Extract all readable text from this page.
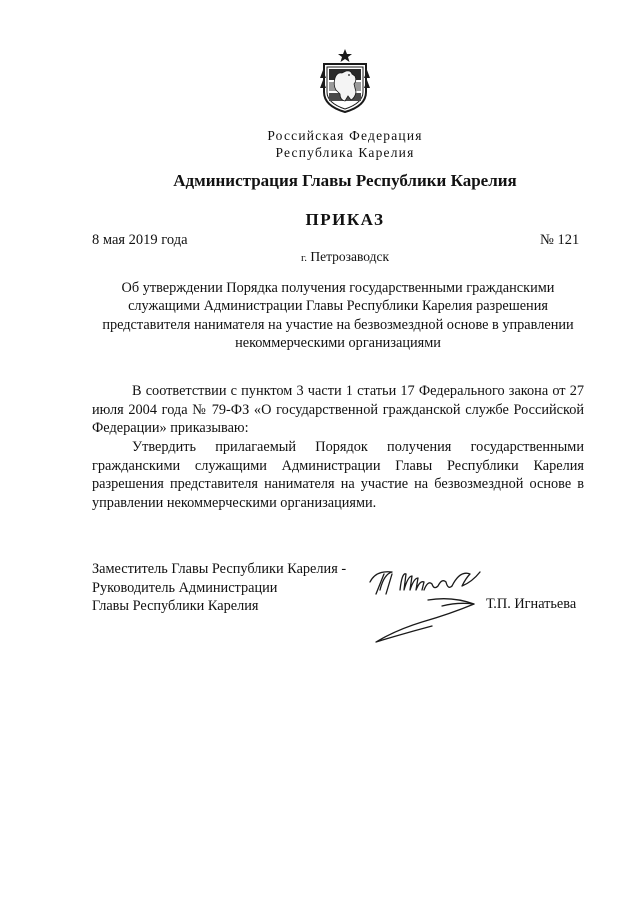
Российская Федерация
Республика Карелия
Администрация Главы Республики Карелия
ПРИКАЗ
8 мая 2019 года	№ 121
г. Петрозаводск
Об утверждении Порядка получения государственными гражданскими служащими Администрации Главы Республики Карелия разрешения представителя нанимателя на участие на безвозмездной основе в управлении некоммерческими организациями

В соответствии с пунктом 3 части 1 статьи 17 Федерального закона от 27 июля 2004 года № 79-ФЗ «О государственной гражданской службе Российской Федерации» приказываю:

Утвердить прилагаемый Порядок получения государственными гражданскими служащими Администрации Главы Республики Карелия разрешения представителя нанимателя на участие на безвозмездной основе в управлении некоммерческими организациями.

Заместитель Главы Республики Карелия -
Руководитель Администрации
Главы Республики Карелия	Т.П. Игнатьева
